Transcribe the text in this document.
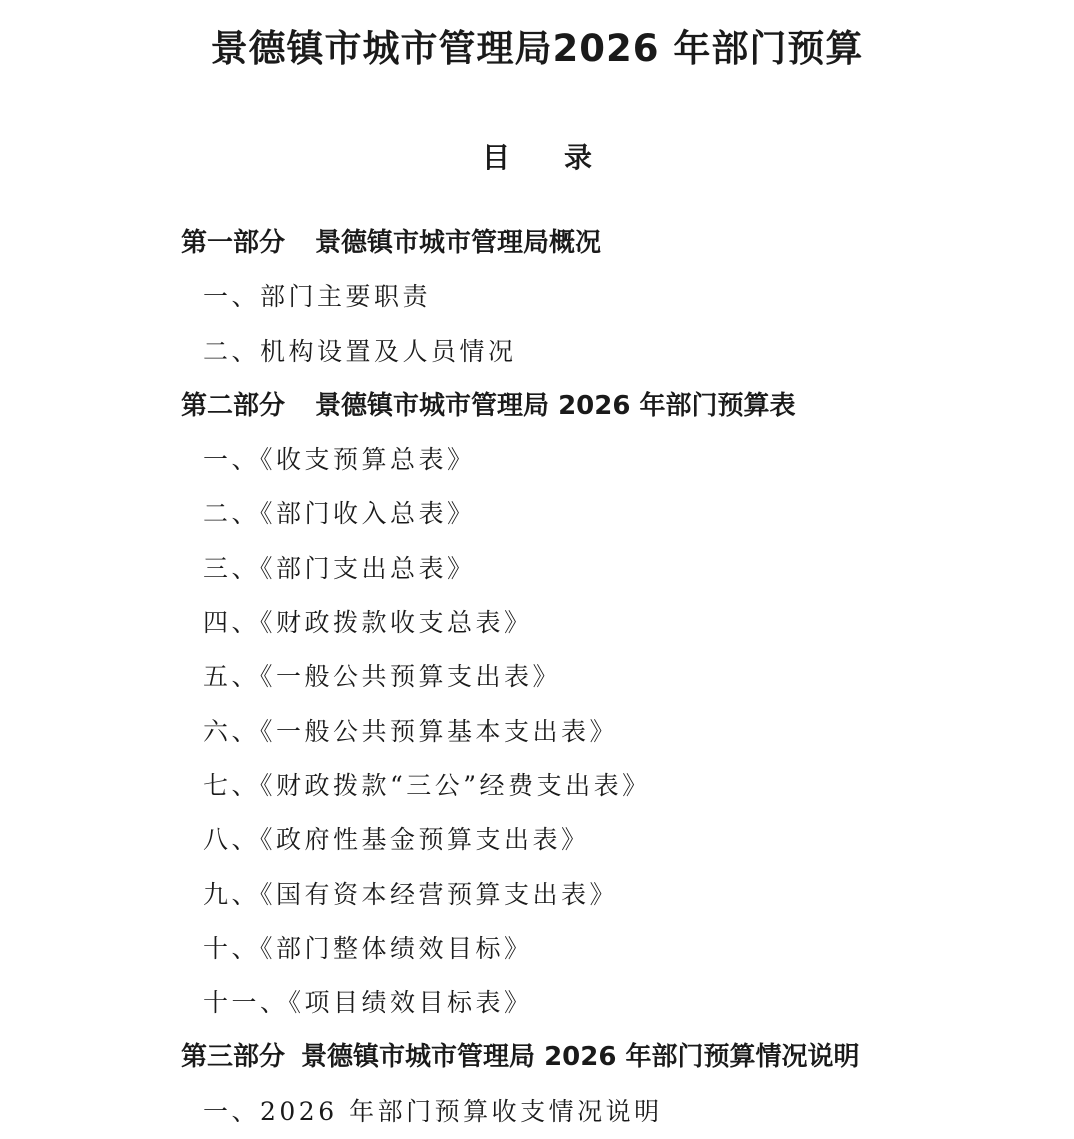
景德镇市城市管理局2026 年部门预算
目录
第一部分 景德镇市城市管理局概况
一、部门主要职责
二、机构设置及人员情况
第二部分 景德镇市城市管理局 2026 年部门预算表
一、《收支预算总表》
二、《部门收入总表》
三、《部门支出总表》
四、《财政拨款收支总表》
五、《一般公共预算支出表》
六、《一般公共预算基本支出表》
七、《财政拨款“三公”经费支出表》
八、《政府性基金预算支出表》
九、《国有资本经营预算支出表》
十、《部门整体绩效目标》
十一、《项目绩效目标表》
第三部分 景德镇市城市管理局 2026 年部门预算情况说明
一、2026 年部门预算收支情况说明
